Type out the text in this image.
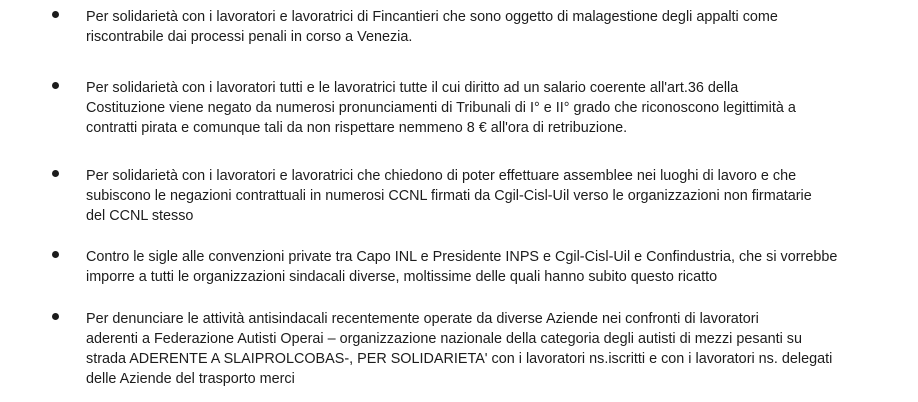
Per solidarietà con i lavoratori e lavoratrici di Fincantieri che sono oggetto di malagestione degli appalti come
riscontrabile dai processi penali in corso a Venezia.
Per solidarietà con i lavoratori tutti e le lavoratrici tutte il cui diritto ad un salario coerente all'art.36 della
Costituzione viene negato da numerosi pronunciamenti di Tribunali di I° e II° grado che riconoscono legittimità a
contratti pirata e comunque tali da non rispettare nemmeno 8 € all'ora di retribuzione.
Per solidarietà con i lavoratori e lavoratrici che chiedono di poter effettuare assemblee nei luoghi di lavoro e che
subiscono le negazioni contrattuali in numerosi CCNL firmati da Cgil-Cisl-Uil verso le organizzazioni non firmatarie
del CCNL stesso
Contro le sigle alle convenzioni private tra Capo INL e Presidente INPS e Cgil-Cisl-Uil e Confindustria, che si vorrebbe
imporre a tutti le organizzazioni sindacali diverse, moltissime delle quali hanno subito questo ricatto
Per denunciare le attività antisindacali recentemente operate da diverse Aziende nei confronti di lavoratori
aderenti a Federazione Autisti Operai – organizzazione nazionale della categoria degli autisti di mezzi pesanti su
strada ADERENTE A SLAIPROLCOBAS-, PER SOLIDARIETA' con i lavoratori ns.iscritti e con i lavoratori ns. delegati
delle Aziende del trasporto merci
